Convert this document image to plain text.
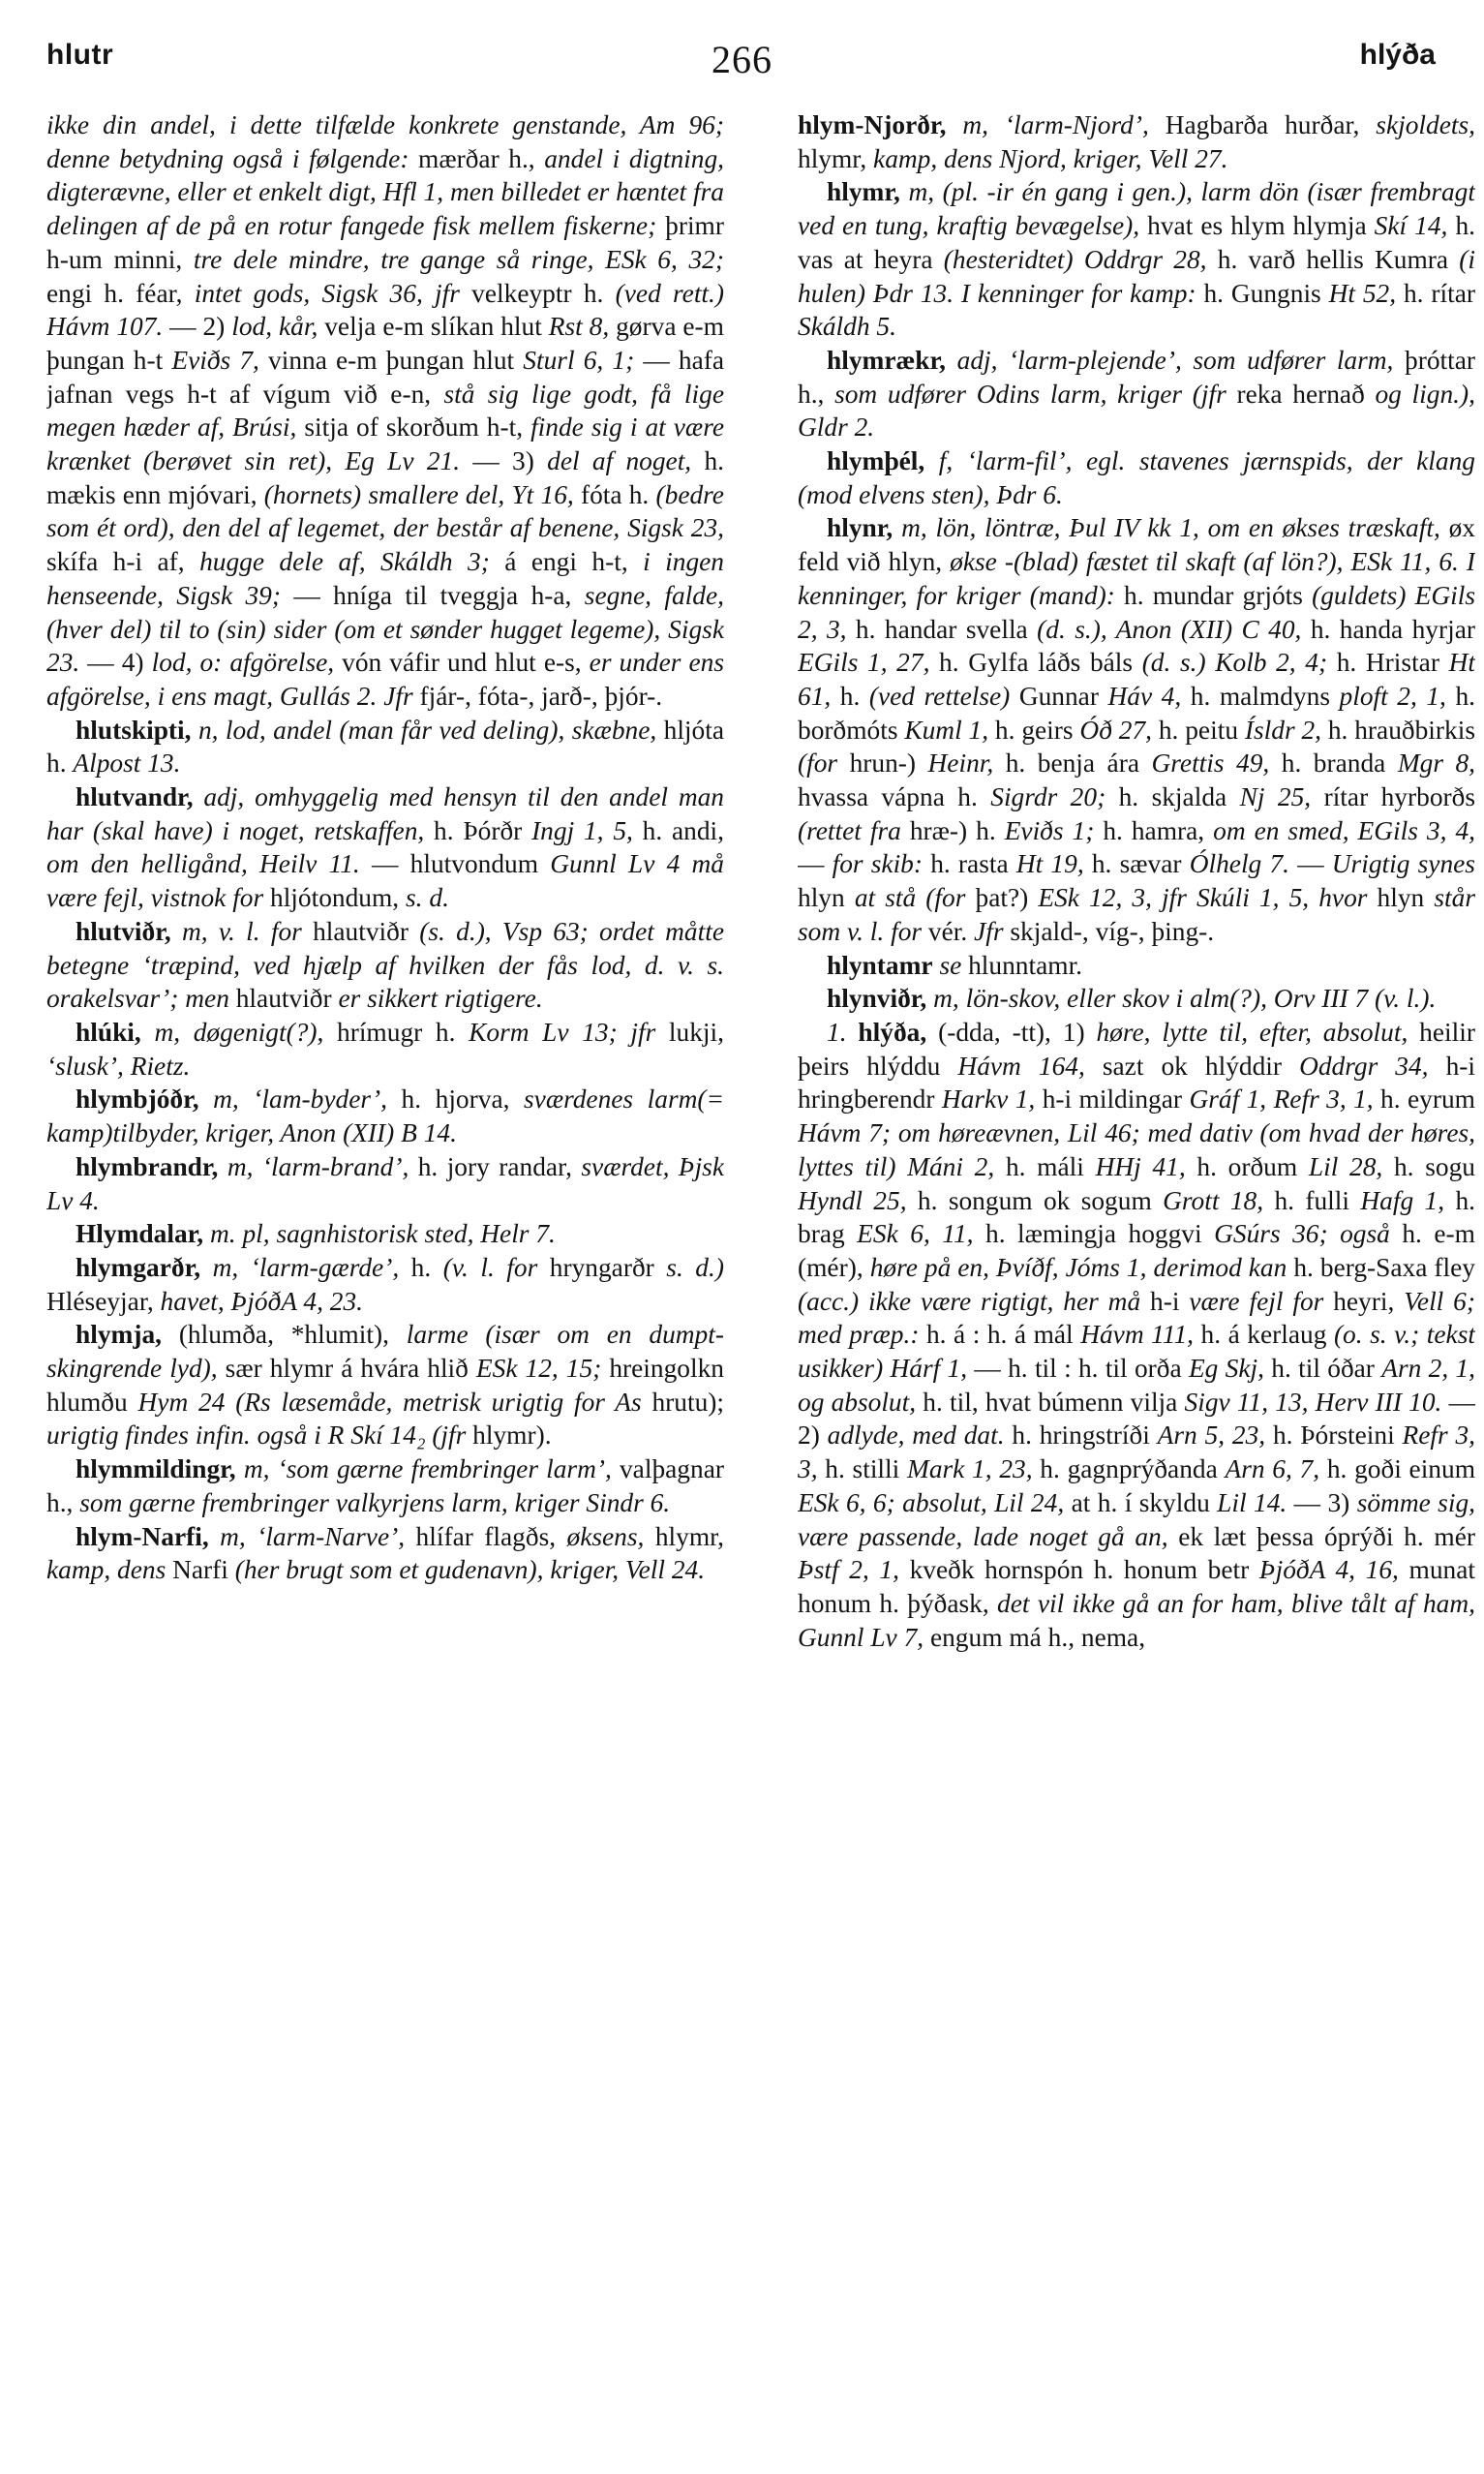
hlutr	266	hlýða

ikke din andel, i dette tilfælde konkrete genstande, Am 96; denne betydning også i følgende: mærðar h., andel i digtning, digterævne, eller et enkelt digt, Hfl 1, men billedet er hæntet fra delingen af de på en rotur fangede fisk mellem fiskerne; þrimr h-um minni, tre dele mindre, tre gange så ringe, ESk 6, 32; engi h. féar, intet gods, Sigsk 36, jfr velkeyptr h. (ved rett.) Hávm 107. — 2) lod, kår, velja e-m slíkan hlut Rst 8, gørva e-m þungan h-t Eviðs 7, vinna e-m þungan hlut Sturl 6, 1; — hafa jafnan vegs h-t af vígum við e-n, stå sig lige godt, få lige megen hæder af, Brúsi, sitja of skorðum h-t, finde sig i at være krænket (berøvet sin ret), Eg Lv 21. — 3) del af noget, h. mækis enn mjóvari, (hornets) smallere del, Yt 16, fóta h. (bedre som ét ord), den del af legemet, der består af benene, Sigsk 23, skífa h-i af, hugge dele af, Skáldh 3; á engi h-t, i ingen henseende, Sigsk 39; — hníga til tveggja h-a, segne, falde, (hver del) til to (sin) sider (om et sønder hugget legeme), Sigsk 23. — 4) lod, o: afgörelse, vón váfir und hlut e-s, er under ens afgörelse, i ens magt, Gullás 2. Jfr fjár-, fóta-, jarð-, þjór-.

hlutskipti, n, lod, andel (man får ved deling), skæbne, hljóta h. Alpost 13.

hlutvandr, adj, omhyggelig med hensyn til den andel man har (skal have) i noget, retskaffen, h. Þórðr Ingj 1, 5, h. andi, om den helligånd, Heilv 11. — hlutvondum Gunnl Lv 4 må være fejl, vistnok for hljótondum, s. d.

hlutviðr, m, v. l. for hlautviðr (s. d.), Vsp 63; ordet måtte betegne ‘træpind, ved hjælp af hvilken der fås lod, d. v. s. orakelsvar’; men hlautviðr er sikkert rigtigere.

hlúki, m, døgenigt(?), hrímugr h. Korm Lv 13; jfr lukji, ‘slusk’, Rietz.

hlymbjóðr, m, ‘lam-byder’, h. hjorva, sværdenes larm(= kamp)tilbyder, kriger, Anon (XII) B 14.

hlymbrandr, m, ‘larm-brand’, h. jorу randar, sværdet, Þjsk Lv 4.

Hlymdalar, m. pl, sagnhistorisk sted, Helr 7.

hlymgarðr, m, ‘larm-gærde’, h. (v. l. for hryngarðr s. d.) Hléseyjar, havet, ÞjóðA 4, 23.

hlymja, (hlumða, *hlumit), larme (især om en dumpt-skingrende lyd), sær hlymr á hvára hlið ESk 12, 15; hreingolkn hlumðu Hym 24 (Rs læsemåde, metrisk urigtig for As hrutu); urigtig findes infin. også i R Skí 14₂ (jfr hlymr).

hlymmildingr, m, ‘som gærne frembringer larm’, valþagnar h., som gærne frembringer valkyrjens larm, kriger Sindr 6.

hlym-Narfi, m, ‘larm-Narve’, hlífar flagðs, øksens, hlymr, kamp, dens Narfi (her brugt som et gudenavn), kriger, Vell 24.

hlym-Njorðr, m, ‘larm-Njord’, Hagbarða hurðar, skjoldets, hlymr, kamp, dens Njord, kriger, Vell 27.

hlymr, m, (pl. -ir én gang i gen.), larm dön (især frembragt ved en tung, kraftig bevægelse), hvat es hlym hlymja Skí 14, h. vas at heyra (hesteridtet) Oddrgr 28, h. varð hellis Kumra (i hulen) Þdr 13. I kenninger for kamp: h. Gungnis Ht 52, h. rítar Skáldh 5.

hlymrækr, adj, ‘larm-plejende’, som udfører larm, þróttar h., som udfører Odins larm, kriger (jfr reka hernað og lign.), Gldr 2.

hlymþél, f, ‘larm-fil’, egl. stavenes jærnspids, der klang (mod elvens sten), Þdr 6.

hlynr, m, lön, löntræ, Þul IV kk 1, om en økses træskaft, øx feld við hlyn, økse -(blad) fæstet til skaft (af lön?), ESk 11, 6. I kenninger, for kriger (mand): h. mundar grjóts (guldets) EGils 2, 3, h. handar svella (d. s.), Anon (XII) C 40, h. handa hyrjar EGils 1, 27, h. Gylfa láðs báls (d. s.) Kolb 2, 4; h. Hristar Ht 61, h. (ved rettelse) Gunnar Háv 4, h. malmdyns ploft 2, 1, h. borðmóts Kuml 1, h. geirs Óð 27, h. peitu Ísldr 2, h. hrauðbirkis (for hrun-) Heinr, h. benja ára Grettis 49, h. branda Mgr 8, hvassa vápna h. Sigrdr 20; h. skjalda Nj 25, rítar hyrborðs (rettet fra hræ-) h. Eviðs 1; h. hamra, om en smed, EGils 3, 4, — for skib: h. rasta Ht 19, h. sævar Ólhelg 7. — Urigtig synes hlyn at stå (for þat?) ESk 12, 3, jfr Skúli 1, 5, hvor hlyn står som v. l. for vér. Jfr skjald-, víg-, þing-.

hlyntamr se hlunntamr.

hlynviðr, m, lön-skov, eller skov i alm(?), Orv III 7 (v. l.).

1. hlýða, (-dda, -tt), 1) høre, lytte til, efter, absolut, heilir þeirs hlýddu Hávm 164, sazt ok hlýddir Oddrgr 34, h-i hringberendr Harkv 1, h-i mildingar Gráf 1, Refr 3, 1, h. eyrum Hávm 7; om høreævnen, Lil 46; med dativ (om hvad der høres, lyttes til) Máni 2, h. máli HHj 41, h. orðum Lil 28, h. sogu Hyndl 25, h. songum ok sogum Grott 18, h. fulli Hafg 1, h. brag ESk 6, 11, h. læmingja hoggvi GSúrs 36; også h. e-m (mér), høre på en, Þvíðf, Jóms 1, derimod kan h. berg-Saxa fley (acc.) ikke være rigtigt, her må h-i være fejl for heyri, Vell 6; med præp.: h. á : h. á mál Hávm 111, h. á kerlaug (o. s. v.; tekst usikker) Hárf 1, — h. til : h. til orða Eg Skj, h. til óðar Arn 2, 1, og absolut, h. til, hvat búmenn vilja Sigv 11, 13, Herv III 10. — 2) adlyde, med dat. h. hringstríði Arn 5, 23, h. Þórsteini Refr 3, 3, h. stilli Mark 1, 23, h. gagnprýðanda Arn 6, 7, h. goði einum ESk 6, 6; absolut, Lil 24, at h. í skyldu Lil 14. — 3) sömme sig, være passende, lade noget gå an, ek læt þessa óprýði h. mér Þstf 2, 1, kveðk hornspón h. honum betr ÞjóðA 4, 16, munat honum h. þýðask, det vil ikke gå an for ham, blive tålt af ham, Gunnl Lv 7, engum má h., nema,
